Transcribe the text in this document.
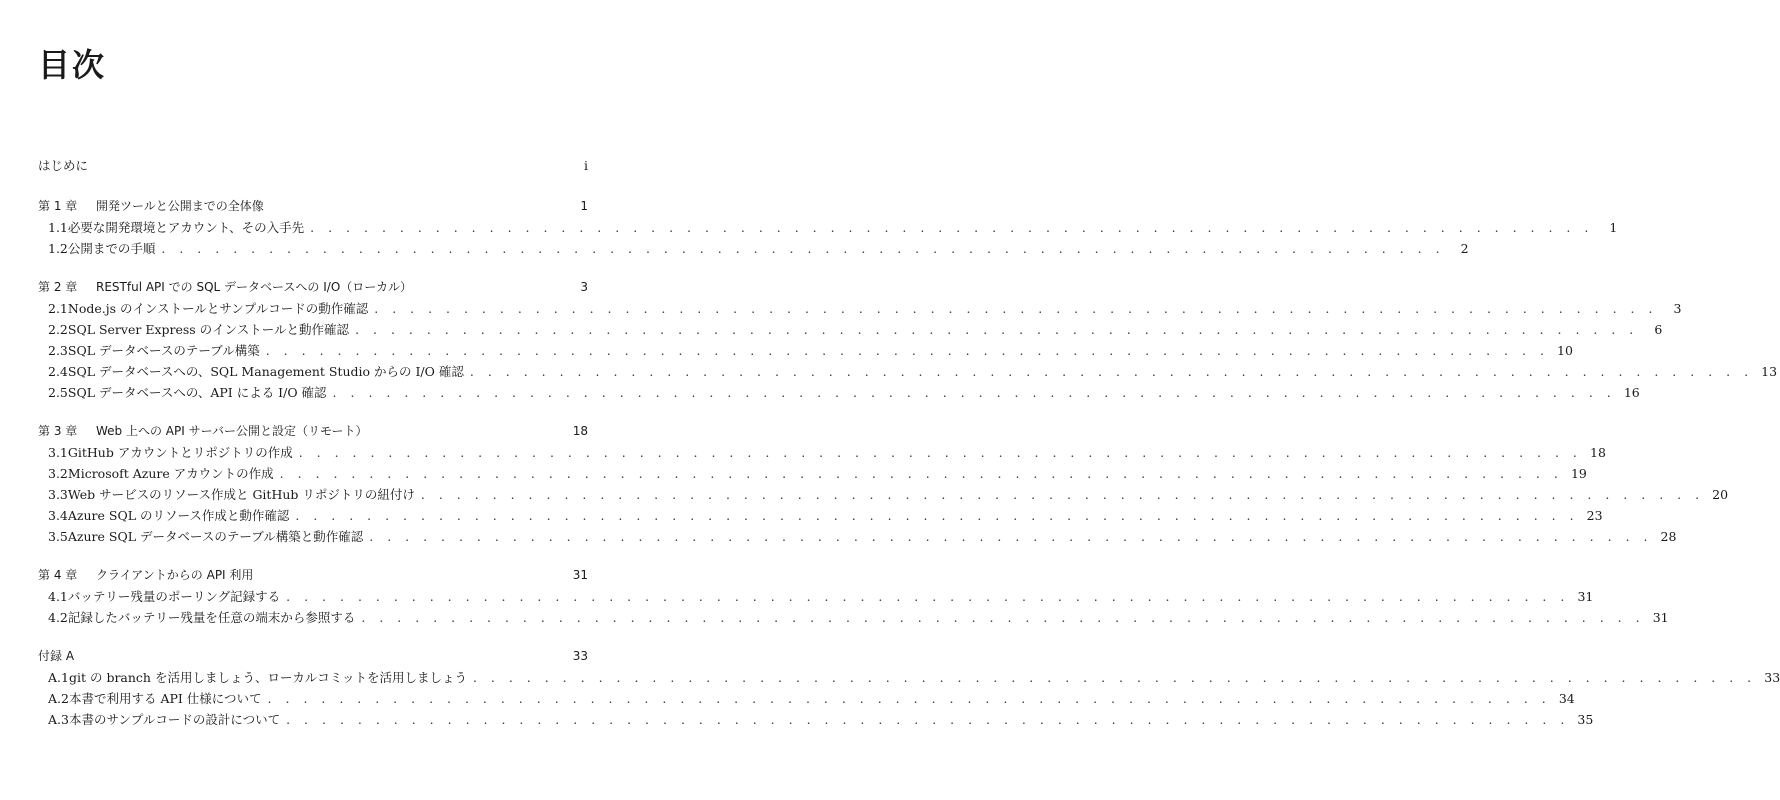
目次
はじめに	i
第 1 章	開発ツールと公開までの全体像	1
1.1 必要な開発環境とアカウント、その入手先 . . .	1
1.2 公開までの手順 . . .	2
第 2 章	RESTful API での SQL データベースへの I/O（ローカル）	3
2.1 Node.js のインストールとサンプルコードの動作確認 . . .	3
2.2 SQL Server Express のインストールと動作確認 . . .	6
2.3 SQL データベースのテーブル構築 . . .	10
2.4 SQL データベースへの、SQL Management Studio からの I/O 確認 . . .	13
2.5 SQL データベースへの、API による I/O 確認 . . .	16
第 3 章	Web 上への API サーバー公開と設定（リモート）	18
3.1 GitHub アカウントとリポジトリの作成 . . .	18
3.2 Microsoft Azure アカウントの作成 . . .	19
3.3 Web サービスのリソース作成と GitHub リポジトリの紐付け . . .	20
3.4 Azure SQL のリソース作成と動作確認 . . .	23
3.5 Azure SQL データベースのテーブル構築と動作確認 . . .	28
第 4 章	クライアントからの API 利用	31
4.1 バッテリー残量のポーリング記録する . . .	31
4.2 記録したバッテリー残量を任意の端末から参照する . . .	31
付録 A	33
A.1 git の branch を活用しましょう、ローカルコミットを活用しましょう . . .	33
A.2 本書で利用する API 仕様について . . .	34
A.3 本書のサンプルコードの設計について . . .	35
